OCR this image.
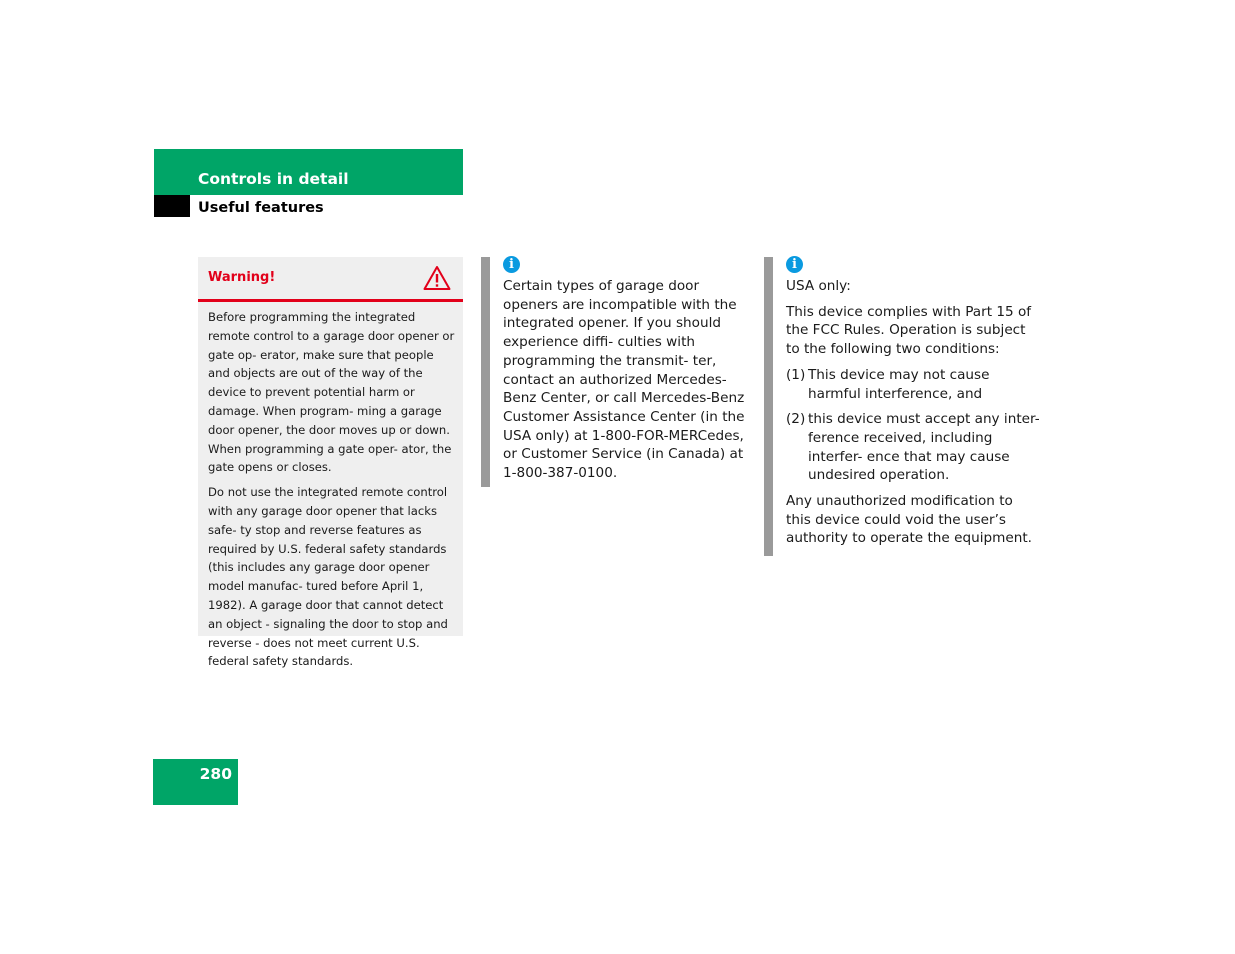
Controls in detail
Useful features
Warning!

Before programming the integrated remote control to a garage door opener or gate op- erator, make sure that people and objects are out of the way of the device to prevent potential harm or damage. When program- ming a garage door opener, the door moves up or down. When programming a gate oper- ator, the gate opens or closes.

Do not use the integrated remote control with any garage door opener that lacks safe- ty stop and reverse features as required by U.S. federal safety standards (this includes any garage door opener model manufac- tured before April 1, 1982). A garage door that cannot detect an object - signaling the door to stop and reverse - does not meet current U.S. federal safety standards.

i

Certain types of garage door openers are incompatible with the integrated opener. If you should experience diffi- culties with programming the transmit- ter, contact an authorized Mercedes-Benz Center, or call Mercedes-Benz Customer Assistance Center (in the USA only) at 1-800-FOR-MERCedes, or Customer Service (in Canada) at 1-800-387-0100.

i

USA only:

This device complies with Part 15 of the FCC Rules. Operation is subject to the following two conditions:

(1) This device may not cause harmful interference, and
(2) this device must accept any inter- ference received, including interfer- ence that may cause undesired operation.

Any unauthorized modification to this device could void the user’s authority to operate the equipment.

280
